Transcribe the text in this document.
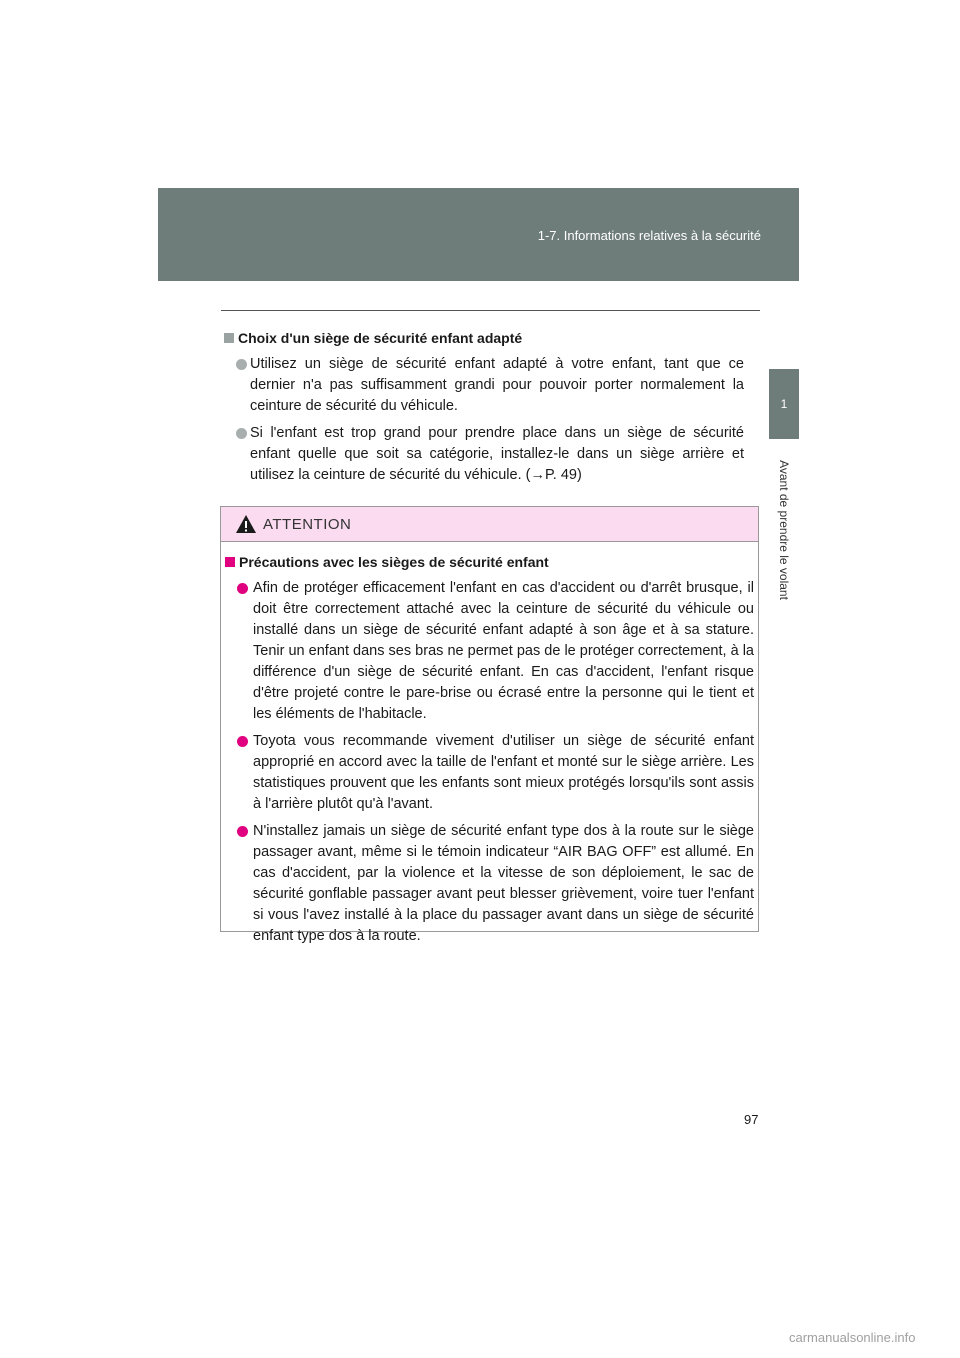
1-7. Informations relatives à la sécurité
1
Avant de prendre le volant
Choix d'un siège de sécurité enfant adapté
Utilisez un siège de sécurité enfant adapté à votre enfant, tant que ce dernier n'a pas suffisamment grandi pour pouvoir porter normalement la ceinture de sécurité du véhicule.
Si l'enfant est trop grand pour prendre place dans un siège de sécurité enfant quelle que soit sa catégorie, installez-le dans un siège arrière et utilisez la ceinture de sécurité du véhicule. (→P. 49)
ATTENTION
Précautions avec les sièges de sécurité enfant
Afin de protéger efficacement l'enfant en cas d'accident ou d'arrêt brusque, il doit être correctement attaché avec la ceinture de sécurité du véhicule ou installé dans un siège de sécurité enfant adapté à son âge et à sa stature. Tenir un enfant dans ses bras ne permet pas de le protéger correctement, à la différence d'un siège de sécurité enfant. En cas d'accident, l'enfant risque d'être projeté contre le pare-brise ou écrasé entre la personne qui le tient et les éléments de l'habitacle.
Toyota vous recommande vivement d'utiliser un siège de sécurité enfant approprié en accord avec la taille de l'enfant et monté sur le siège arrière. Les statistiques prouvent que les enfants sont mieux protégés lorsqu'ils sont assis à l'arrière plutôt qu'à l'avant.
N'installez jamais un siège de sécurité enfant type dos à la route sur le siège passager avant, même si le témoin indicateur “AIR BAG OFF” est allumé. En cas d'accident, par la violence et la vitesse de son déploiement, le sac de sécurité gonflable passager avant peut blesser grièvement, voire tuer l'enfant si vous l'avez installé à la place du passager avant dans un siège de sécurité enfant type dos à la route.
97
carmanualsonline.info
